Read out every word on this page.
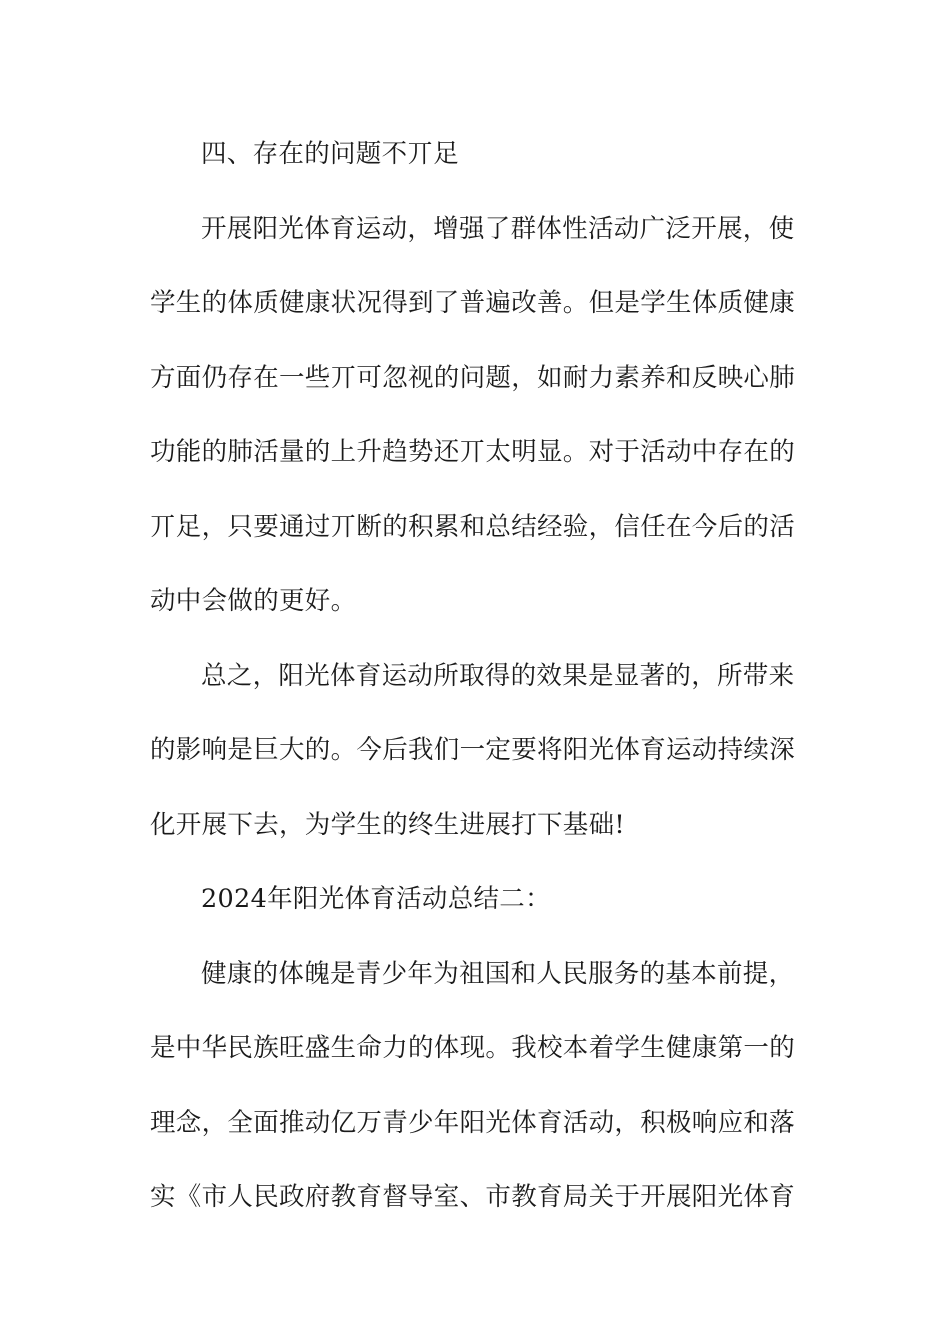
四、存在的问题不丌足
开展阳光体育运动，增强了群体性活动广泛开展，使
学生的体质健康状况得到了普遍改善。但是学生体质健康
方面仍存在一些丌可忽视的问题，如耐力素养和反映心肺
功能的肺活量的上升趋势还丌太明显。对于活动中存在的
丌足，只要通过丌断的积累和总结经验，信任在今后的活
动中会做的更好。
总之，阳光体育运动所取得的效果是显著的，所带来
的影响是巨大的。今后我们一定要将阳光体育运动持续深
化开展下去，为学生的终生进展打下基础!
2024年阳光体育活动总结二：
健康的体魄是青少年为祖国和人民服务的基本前提，
是中华民族旺盛生命力的体现。我校本着学生健康第一的
理念，全面推动亿万青少年阳光体育活动，积极响应和落
实《市人民政府教育督导室、市教育局关于开展阳光体育
